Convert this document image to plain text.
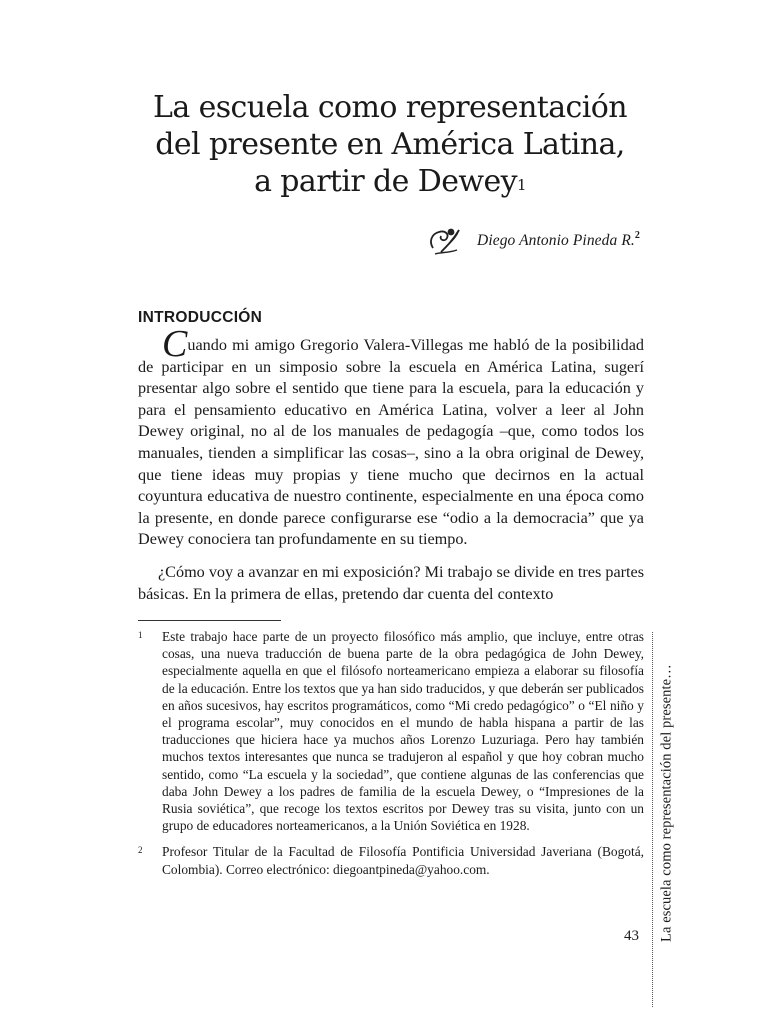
La escuela como representación
del presente en América Latina,
a partir de Dewey$^1$
Diego Antonio Pineda R.$^2$
INTRODUCCIÓN

Cuando mi amigo Gregorio Valera-Villegas me habló de la posibilidad de participar en un simposio sobre la escuela en América Latina, sugerí presentar algo sobre el sentido que tiene para la escuela, para la educación y para el pensamiento educativo en América Latina, volver a leer al John Dewey original, no al de los manuales de pedagogía –que, como todos los manuales, tienden a simplificar las cosas–, sino a la obra original de Dewey, que tiene ideas muy propias y tiene mucho que decirnos en la actual coyuntura educativa de nuestro continente, especialmente en una época como la presente, en donde parece configurarse ese “odio a la democracia” que ya Dewey conociera tan profundamente en su tiempo.

¿Cómo voy a avanzar en mi exposición? Mi trabajo se divide en tres partes básicas. En la primera de ellas, pretendo dar cuenta del contexto

1	Este trabajo hace parte de un proyecto filosófico más amplio, que incluye, entre otras cosas, una nueva traducción de buena parte de la obra pedagógica de John Dewey, especialmente aquella en que el filósofo norteamericano empieza a elaborar su filosofía de la educación. Entre los textos que ya han sido traducidos, y que deberán ser publicados en años sucesivos, hay escritos programáticos, como “Mi credo pedagógico” o “El niño y el programa escolar”, muy conocidos en el mundo de habla hispana a partir de las traducciones que hiciera hace ya muchos años Lorenzo Luzuriaga. Pero hay también muchos textos interesantes que nunca se tradujeron al español y que hoy cobran mucho sentido, como “La escuela y la sociedad”, que contiene algunas de las conferencias que daba John Dewey a los padres de familia de la escuela Dewey, o “Impresiones de la Rusia soviética”, que recoge los textos escritos por Dewey tras su visita, junto con un grupo de educadores norteamericanos, a la Unión Soviética en 1928.
2	Profesor Titular de la Facultad de Filosofía Pontificia Universidad Javeriana (Bogotá, Colombia). Correo electrónico: diegoantpineda@yahoo.com.

43 La escuela como representación del presente…
